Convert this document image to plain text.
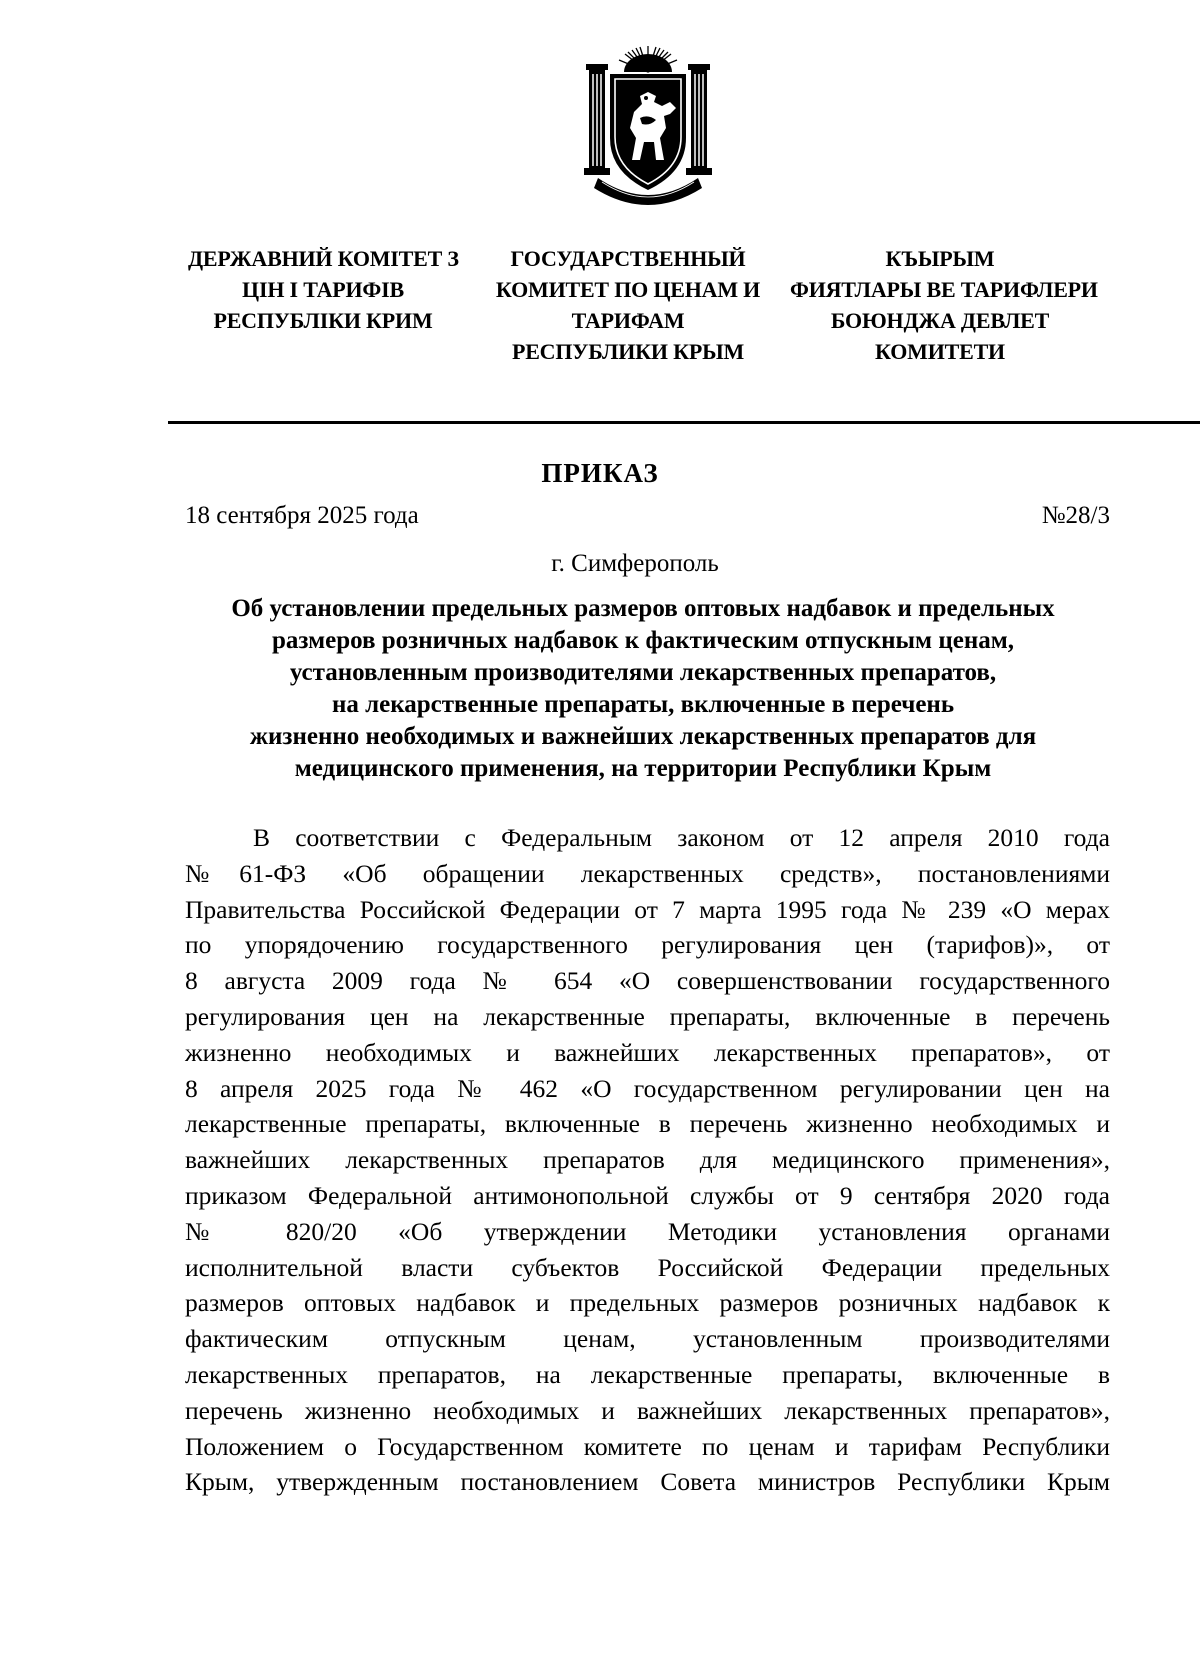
ДЕРЖАВНИЙ КОМІТЕТ З
ЦІН І ТАРИФІВ
РЕСПУБЛІКИ КРИМ
ГОСУДАРСТВЕННЫЙ
КОМИТЕТ ПО ЦЕНАМ И
ТАРИФАМ
РЕСПУБЛИКИ КРЫМ
КЪЫРЫМ
ФИЯТЛАРЫ ВЕ ТАРИФЛЕРИ
БОЮНДЖА ДЕВЛЕТ
КОМИТЕТИ
ПРИКАЗ
18 сентября 2025 года	№28/3
г. Симферополь
Об установлении предельных размеров оптовых надбавок и предельных
размеров розничных надбавок к фактическим отпускным ценам,
установленным производителями лекарственных препаратов,
на лекарственные препараты, включенные в перечень
жизненно необходимых и важнейших лекарственных препаратов для
медицинского применения, на территории Республики Крым
В соответствии с Федеральным законом от 12 апреля 2010 года
№61-ФЗ «Об обращении лекарственных средств», постановлениями
Правительства Российской Федерации от 7 марта 1995 года № 239 «О мерах
по упорядочению государственного регулирования цен (тарифов)», от
8 августа 2009 года № 654 «О совершенствовании государственного
регулирования цен на лекарственные препараты, включенные в перечень
жизненно необходимых и важнейших лекарственных препаратов», от
8 апреля 2025 года № 462 «О государственном регулировании цен на
лекарственные препараты, включенные в перечень жизненно необходимых и
важнейших лекарственных препаратов для медицинского применения»,
приказом Федеральной антимонопольной службы от 9 сентября 2020 года
№ 820/20 «Об утверждении Методики установления органами
исполнительной власти субъектов Российской Федерации предельных
размеров оптовых надбавок и предельных размеров розничных надбавок к
фактическим отпускным ценам, установленным производителями
лекарственных препаратов, на лекарственные препараты, включенные в
перечень жизненно необходимых и важнейших лекарственных препаратов»,
Положением о Государственном комитете по ценам и тарифам Республики
Крым, утвержденным постановлением Совета министров Республики Крым
